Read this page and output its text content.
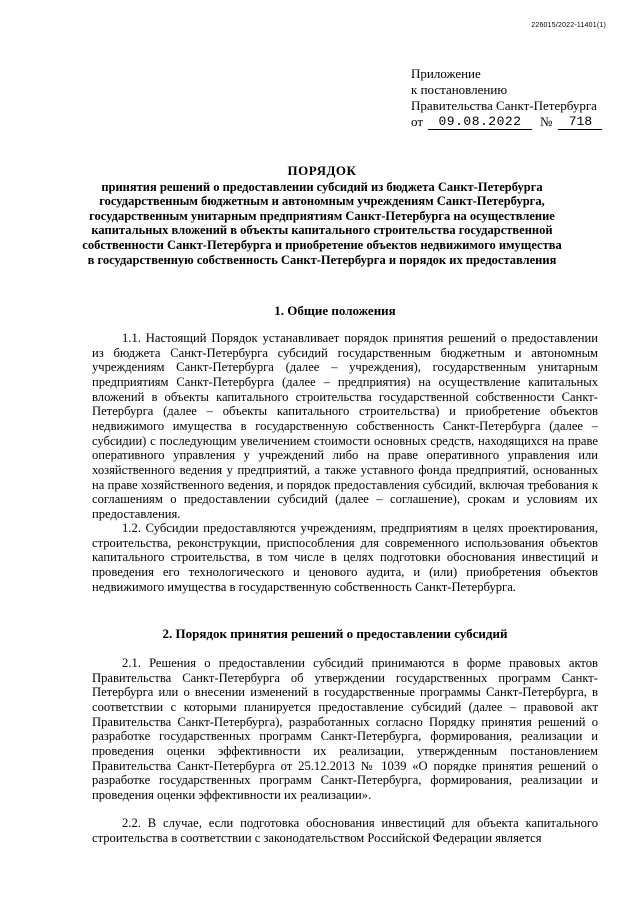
226015/2022-11401(1)
Приложение
к постановлению
Правительства Санкт-Петербурга
от	09.08.2022	№	718
ПОРЯДОК
принятия решений о предоставлении субсидий из бюджета Санкт-Петербурга государственным бюджетным и автономным учреждениям Санкт-Петербурга, государственным унитарным предприятиям Санкт-Петербурга на осуществление капитальных вложений в объекты капитального строительства государственной собственности Санкт-Петербурга и приобретение объектов недвижимого имущества в государственную собственность Санкт-Петербурга и порядок их предоставления
1. Общие положения

1.1. Настоящий Порядок устанавливает порядок принятия решений о предоставлении из бюджета Санкт-Петербурга субсидий государственным бюджетным и автономным учреждениям Санкт-Петербурга (далее – учреждения), государственным унитарным предприятиям Санкт-Петербурга (далее – предприятия) на осуществление капитальных вложений в объекты капитального строительства государственной собственности Санкт-Петербурга (далее – объекты капитального строительства) и приобретение объектов недвижимого имущества в государственную собственность Санкт-Петербурга (далее – субсидии) с последующим увеличением стоимости основных средств, находящихся на праве оперативного управления у учреждений либо на праве оперативного управления или хозяйственного ведения у предприятий, а также уставного фонда предприятий, основанных на праве хозяйственного ведения, и порядок предоставления субсидий, включая требования к соглашениям о предоставлении субсидий (далее – соглашение), срокам и условиям их предоставления.

1.2. Субсидии предоставляются учреждениям, предприятиям в целях проектирования, строительства, реконструкции, приспособления для современного использования объектов капитального строительства, в том числе в целях подготовки обоснования инвестиций и проведения его технологического и ценового аудита, и (или) приобретения объектов недвижимого имущества в государственную собственность Санкт-Петербурга.

2. Порядок принятия решений о предоставлении субсидий

2.1. Решения о предоставлении субсидий принимаются в форме правовых актов Правительства Санкт-Петербурга об утверждении государственных программ Санкт-Петербурга или о внесении изменений в государственные программы Санкт-Петербурга, в соответствии с которыми планируется предоставление субсидий (далее – правовой акт Правительства Санкт-Петербурга), разработанных согласно Порядку принятия решений о разработке государственных программ Санкт-Петербурга, формирования, реализации и проведения оценки эффективности их реализации, утвержденным постановлением Правительства Санкт-Петербурга от 25.12.2013 № 1039 «О порядке принятия решений о разработке государственных программ Санкт-Петербурга, формирования, реализации и проведения оценки эффективности их реализации».

2.2. В случае, если подготовка обоснования инвестиций для объекта капитального строительства в соответствии с законодательством Российской Федерации является
